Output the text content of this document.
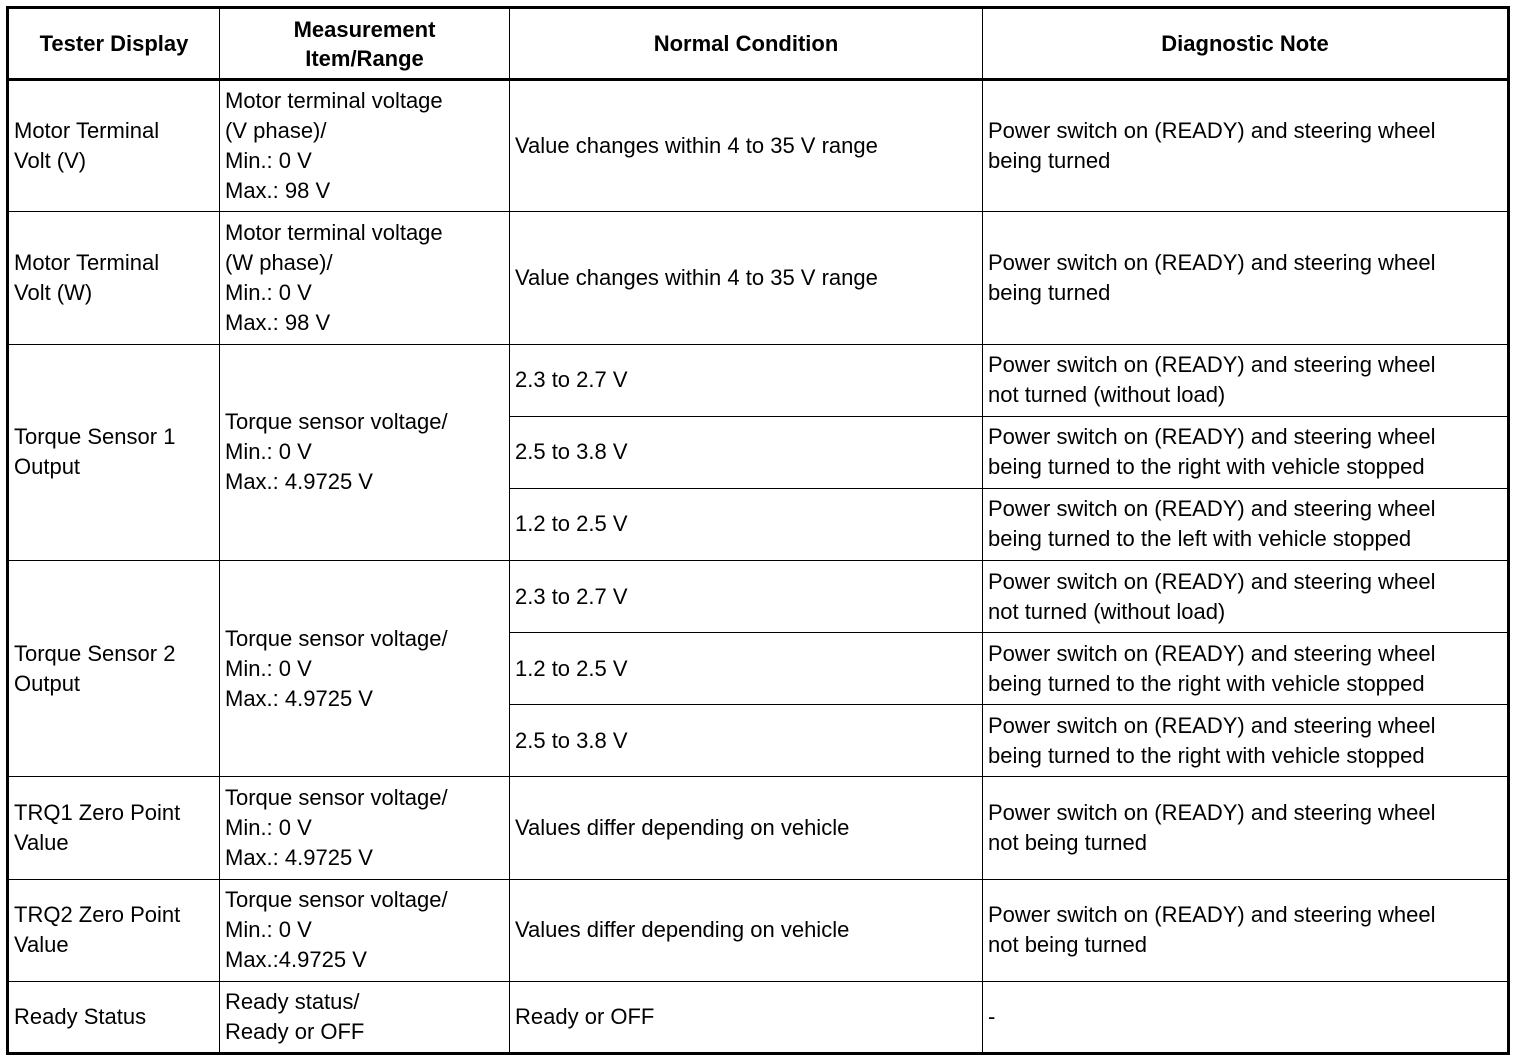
Tester Display	Measurement
Item/Range	Normal Condition	Diagnostic Note

Motor Terminal
Volt (V)	Motor terminal voltage
(V phase)/
Min.: 0 V
Max.: 98 V	Value changes within 4 to 35 V range	Power switch on (READY) and steering wheel
being turned

Motor Terminal
Volt (W)	Motor terminal voltage
(W phase)/
Min.: 0 V
Max.: 98 V	Value changes within 4 to 35 V range	Power switch on (READY) and steering wheel
being turned

Torque Sensor 1
Output	Torque sensor voltage/
Min.: 0 V
Max.: 4.9725 V	2.3 to 2.7 V	Power switch on (READY) and steering wheel
not turned (without load)

		2.5 to 3.8 V	Power switch on (READY) and steering wheel
being turned to the right with vehicle stopped

		1.2 to 2.5 V	Power switch on (READY) and steering wheel
being turned to the left with vehicle stopped

Torque Sensor 2
Output	Torque sensor voltage/
Min.: 0 V
Max.: 4.9725 V	2.3 to 2.7 V	Power switch on (READY) and steering wheel
not turned (without load)

		1.2 to 2.5 V	Power switch on (READY) and steering wheel
being turned to the right with vehicle stopped

		2.5 to 3.8 V	Power switch on (READY) and steering wheel
being turned to the right with vehicle stopped

TRQ1 Zero Point
Value	Torque sensor voltage/
Min.: 0 V
Max.: 4.9725 V	Values differ depending on vehicle	Power switch on (READY) and steering wheel
not being turned

TRQ2 Zero Point
Value	Torque sensor voltage/
Min.: 0 V
Max.:4.9725 V	Values differ depending on vehicle	Power switch on (READY) and steering wheel
not being turned

Ready Status	Ready status/
Ready or OFF	Ready or OFF	-
